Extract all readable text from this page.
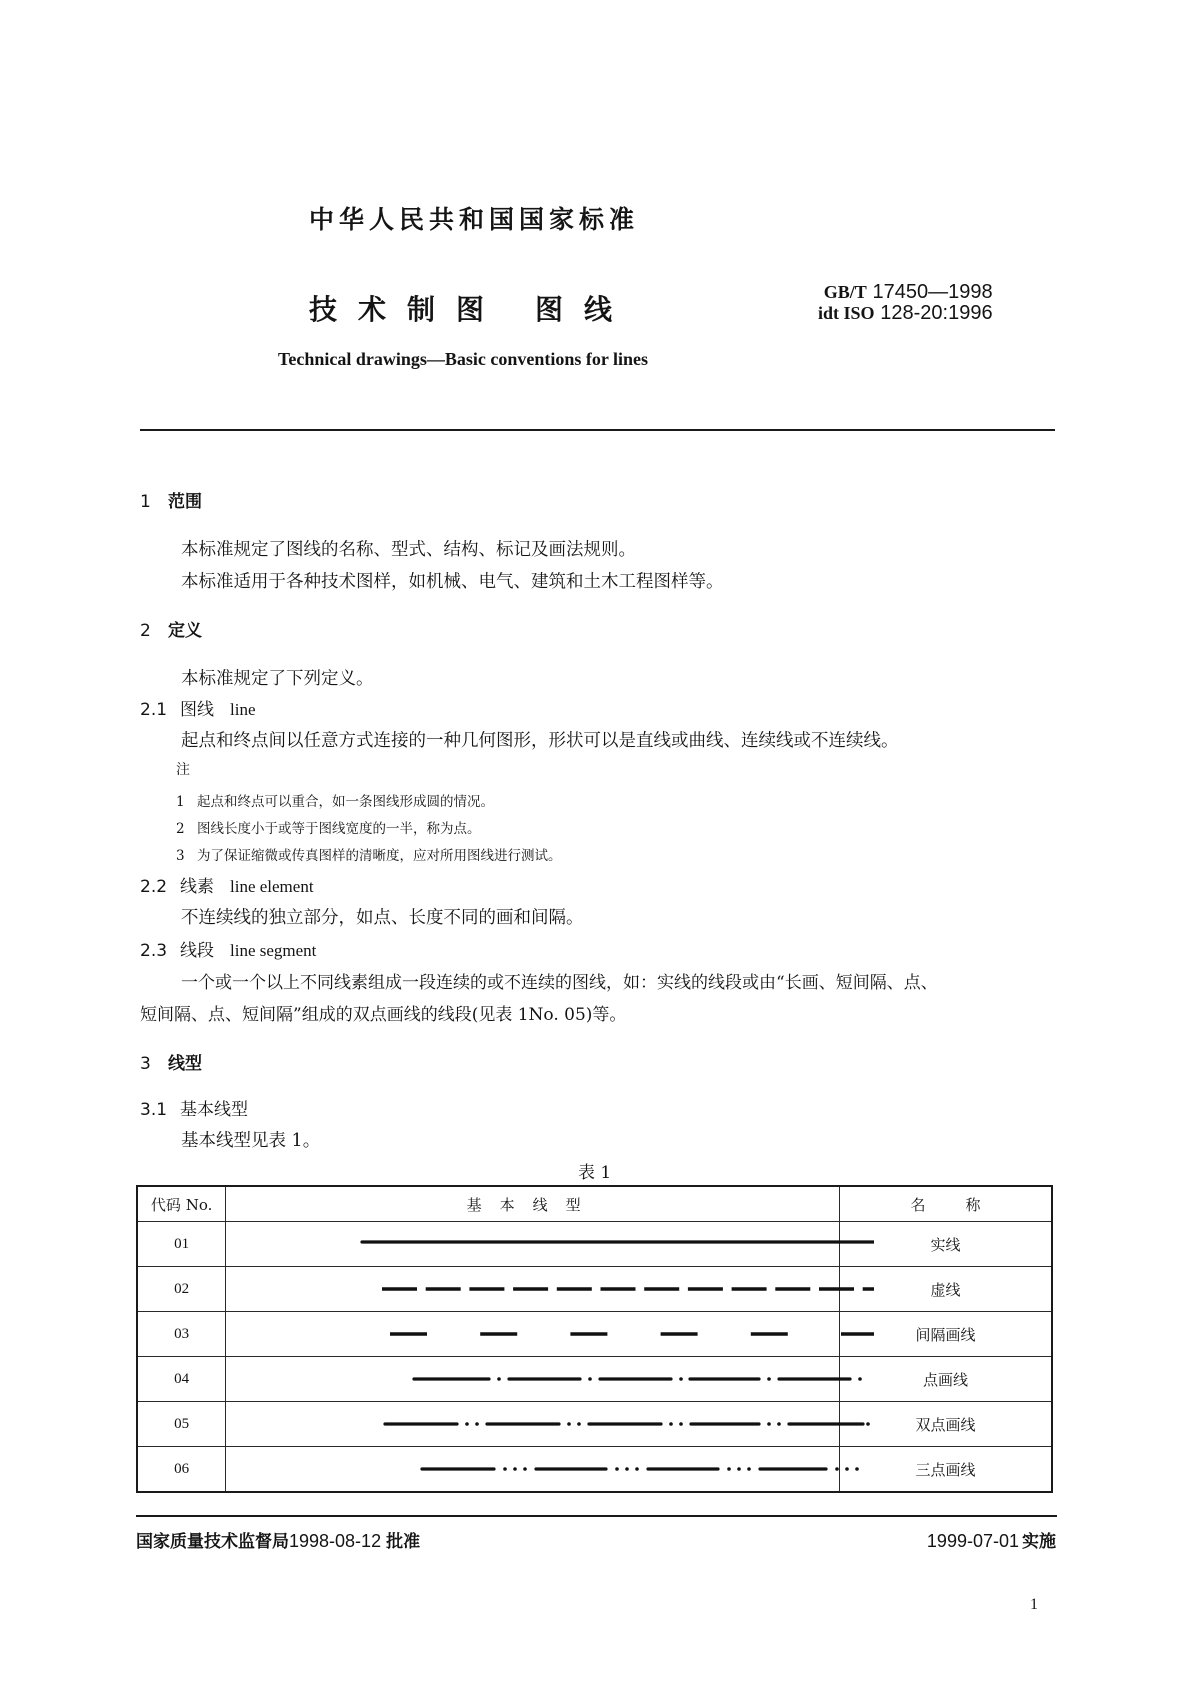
中华人民共和国国家标准
技术制图 图线
GB/T 17450—1998
idt ISO 128-20:1996
Technical drawings—Basic conventions for lines
1 范围
本标准规定了图线的名称、型式、结构、标记及画法规则。
本标准适用于各种技术图样，如机械、电气、建筑和土木工程图样等。
2 定义
本标准规定了下列定义。
2.1 图线 line
起点和终点间以任意方式连接的一种几何图形，形状可以是直线或曲线、连续线或不连续线。
注
1 起点和终点可以重合，如一条图线形成圆的情况。
2 图线长度小于或等于图线宽度的一半，称为点。
3 为了保证缩微或传真图样的清晰度，应对所用图线进行测试。
2.2 线素 line element
不连续线的独立部分，如点、长度不同的画和间隔。
2.3 线段 line segment
一个或一个以上不同线素组成一段连续的或不连续的图线，如：实线的线段或由“长画、短间隔、点、
短间隔、点、短间隔”组成的双点画线的线段(见表 1No. 05)等。
3 线型
3.1 基本线型
基本线型见表 1。
表 1
代码 No.	基本线型	名称
01		实线
02		虚线
03		间隔画线
04		点画线
05		双点画线
06		三点画线
国家质量技术监督局1998-08-12 批准	1999-07-01 实施
1
